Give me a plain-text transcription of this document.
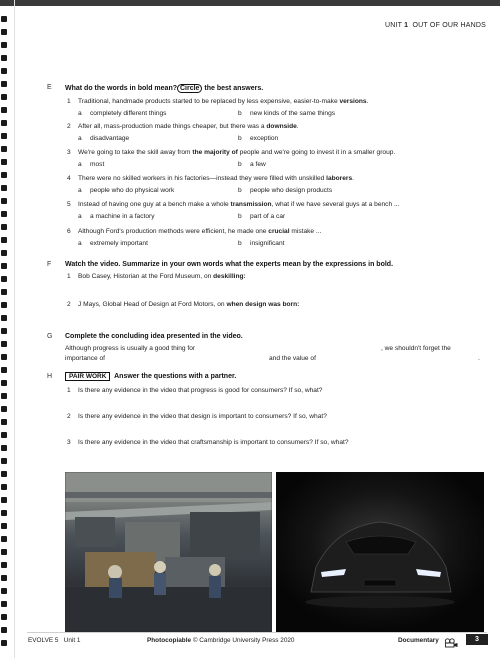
UNIT 1 OUT OF OUR HANDS
E What do the words in bold mean? Circle the best answers.
1 Traditional, handmade products started to be replaced by less expensive, easier-to-make versions.
a completely different things	b new kinds of the same things
2 After all, mass-production made things cheaper, but there was a downside.
a disadvantage	b exception
3 We're going to take the skill away from the majority of people and we're going to invest it in a smaller group.
a most	b a few
4 There were no skilled workers in his factories—instead they were filled with unskilled laborers.
a people who do physical work	b people who design products
5 Instead of having one guy at a bench make a whole transmission, what if we have several guys at a bench ...
a a machine in a factory	b part of a car
6 Although Ford's production methods were efficient, he made one crucial mistake ...
a extremely important	b insignificant
F Watch the video. Summarize in your own words what the experts mean by the expressions in bold.
1 Bob Casey, Historian at the Ford Museum, on deskilling:
2 J Mays, Global Head of Design at Ford Motors, on when design was born:
G Complete the concluding idea presented in the video.
Although progress is usually a good thing for	, we shouldn't forget the
importance of	and the value of	.
H	PAIR WORK Answer the questions with a partner.
1 Is there any evidence in the video that progress is good for consumers? If so, what?
2 Is there any evidence in the video that design is important to consumers? If so, what?
3 Is there any evidence in the video that craftsmanship is important to consumers? If so, what?
EVOLVE 5 Unit 1	Photocopiable © Cambridge University Press 2020	Documentary	3
